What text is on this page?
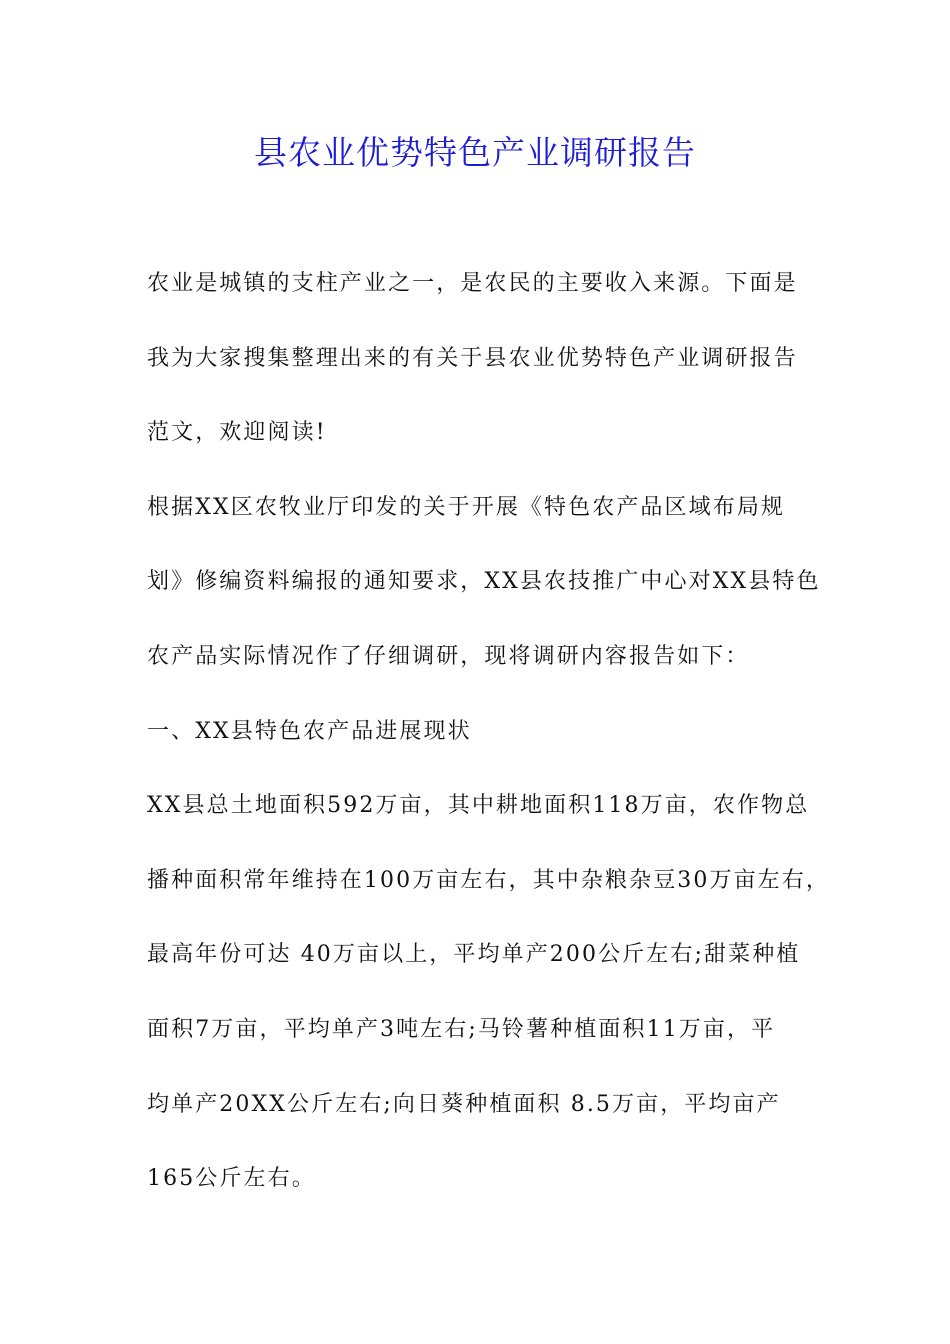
县农业优势特色产业调研报告
农业是城镇的支柱产业之一，是农民的主要收入来源。下面是
我为大家搜集整理出来的有关于县农业优势特色产业调研报告
范文，欢迎阅读!
根据XX区农牧业厅印发的关于开展《特色农产品区域布局规
划》修编资料编报的通知要求，XX县农技推广中心对XX县特色
农产品实际情况作了仔细调研，现将调研内容报告如下：
一、XX县特色农产品进展现状
XX县总土地面积592万亩，其中耕地面积118万亩，农作物总
播种面积常年维持在100万亩左右，其中杂粮杂豆30万亩左右，
最高年份可达 40万亩以上，平均单产200公斤左右;甜菜种植
面积7万亩，平均单产3吨左右;马铃薯种植面积11万亩，平
均单产20XX公斤左右;向日葵种植面积 8.5万亩，平均亩产
165公斤左右。
